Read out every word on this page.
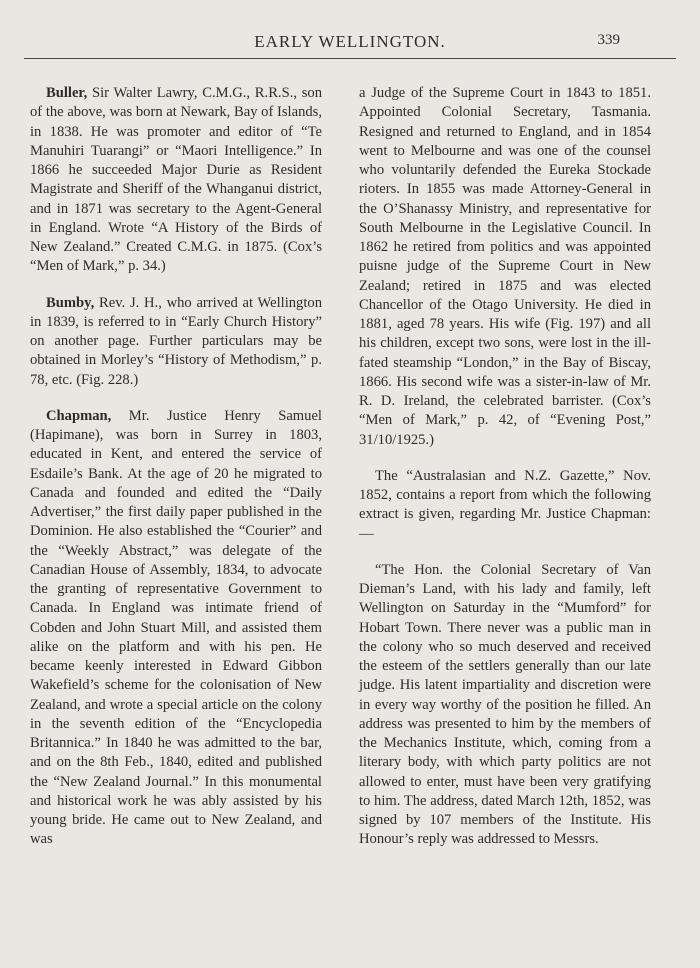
EARLY WELLINGTON.	339

Buller, Sir Walter Lawry, C.M.G., R.R.S., son of the above, was born at Newark, Bay of Islands, in 1838. He was promoter and editor of “Te Manuhiri Tuarangi” or “Maori Intelligence.” In 1866 he succeeded Major Durie as Resident Magistrate and Sheriff of the Whanganui district, and in 1871 was secretary to the Agent-General in England. Wrote “A History of the Birds of New Zealand.” Created C.M.G. in 1875. (Cox’s “Men of Mark,” p. 34.)

Bumby, Rev. J. H., who arrived at Wellington in 1839, is referred to in “Early Church History” on another page. Further particulars may be obtained in Morley’s “History of Methodism,” p. 78, etc. (Fig. 228.)

Chapman, Mr. Justice Henry Samuel (Hapimane), was born in Surrey in 1803, educated in Kent, and entered the service of Esdaile’s Bank. At the age of 20 he migrated to Canada and founded and edited the “Daily Advertiser,” the first daily paper published in the Dominion. He also established the “Courier” and the “Weekly Abstract,” was delegate of the Canadian House of Assembly, 1834, to advocate the granting of representative Government to Canada. In England was intimate friend of Cobden and John Stuart Mill, and assisted them alike on the platform and with his pen. He became keenly interested in Edward Gibbon Wakefield’s scheme for the colonisation of New Zealand, and wrote a special article on the colony in the seventh edition of the “Encyclopedia Britannica.” In 1840 he was admitted to the bar, and on the 8th Feb., 1840, edited and published the “New Zealand Journal.” In this monumental and historical work he was ably assisted by his young bride. He came out to New Zealand, and was

a Judge of the Supreme Court in 1843 to 1851. Appointed Colonial Secretary, Tasmania. Resigned and returned to England, and in 1854 went to Melbourne and was one of the counsel who voluntarily defended the Eureka Stockade rioters. In 1855 was made Attorney-General in the O’Shanassy Ministry, and representative for South Melbourne in the Legislative Council. In 1862 he retired from politics and was appointed puisne judge of the Supreme Court in New Zealand; retired in 1875 and was elected Chancellor of the Otago University. He died in 1881, aged 78 years. His wife (Fig. 197) and all his children, except two sons, were lost in the ill-fated steamship “London,” in the Bay of Biscay, 1866. His second wife was a sister-in-law of Mr. R. D. Ireland, the celebrated barrister. (Cox’s “Men of Mark,” p. 42, of “Evening Post,” 31/10/1925.)

The “Australasian and N.Z. Gazette,” Nov. 1852, contains a report from which the following extract is given, regarding Mr. Justice Chapman:—

“The Hon. the Colonial Secretary of Van Dieman’s Land, with his lady and family, left Wellington on Saturday in the “Mumford” for Hobart Town. There never was a public man in the colony who so much deserved and received the esteem of the settlers generally than our late judge. His latent impartiality and discretion were in every way worthy of the position he filled. An address was presented to him by the members of the Mechanics Institute, which, coming from a literary body, with which party politics are not allowed to enter, must have been very gratifying to him. The address, dated March 12th, 1852, was signed by 107 members of the Institute. His Honour’s reply was addressed to Messrs.
